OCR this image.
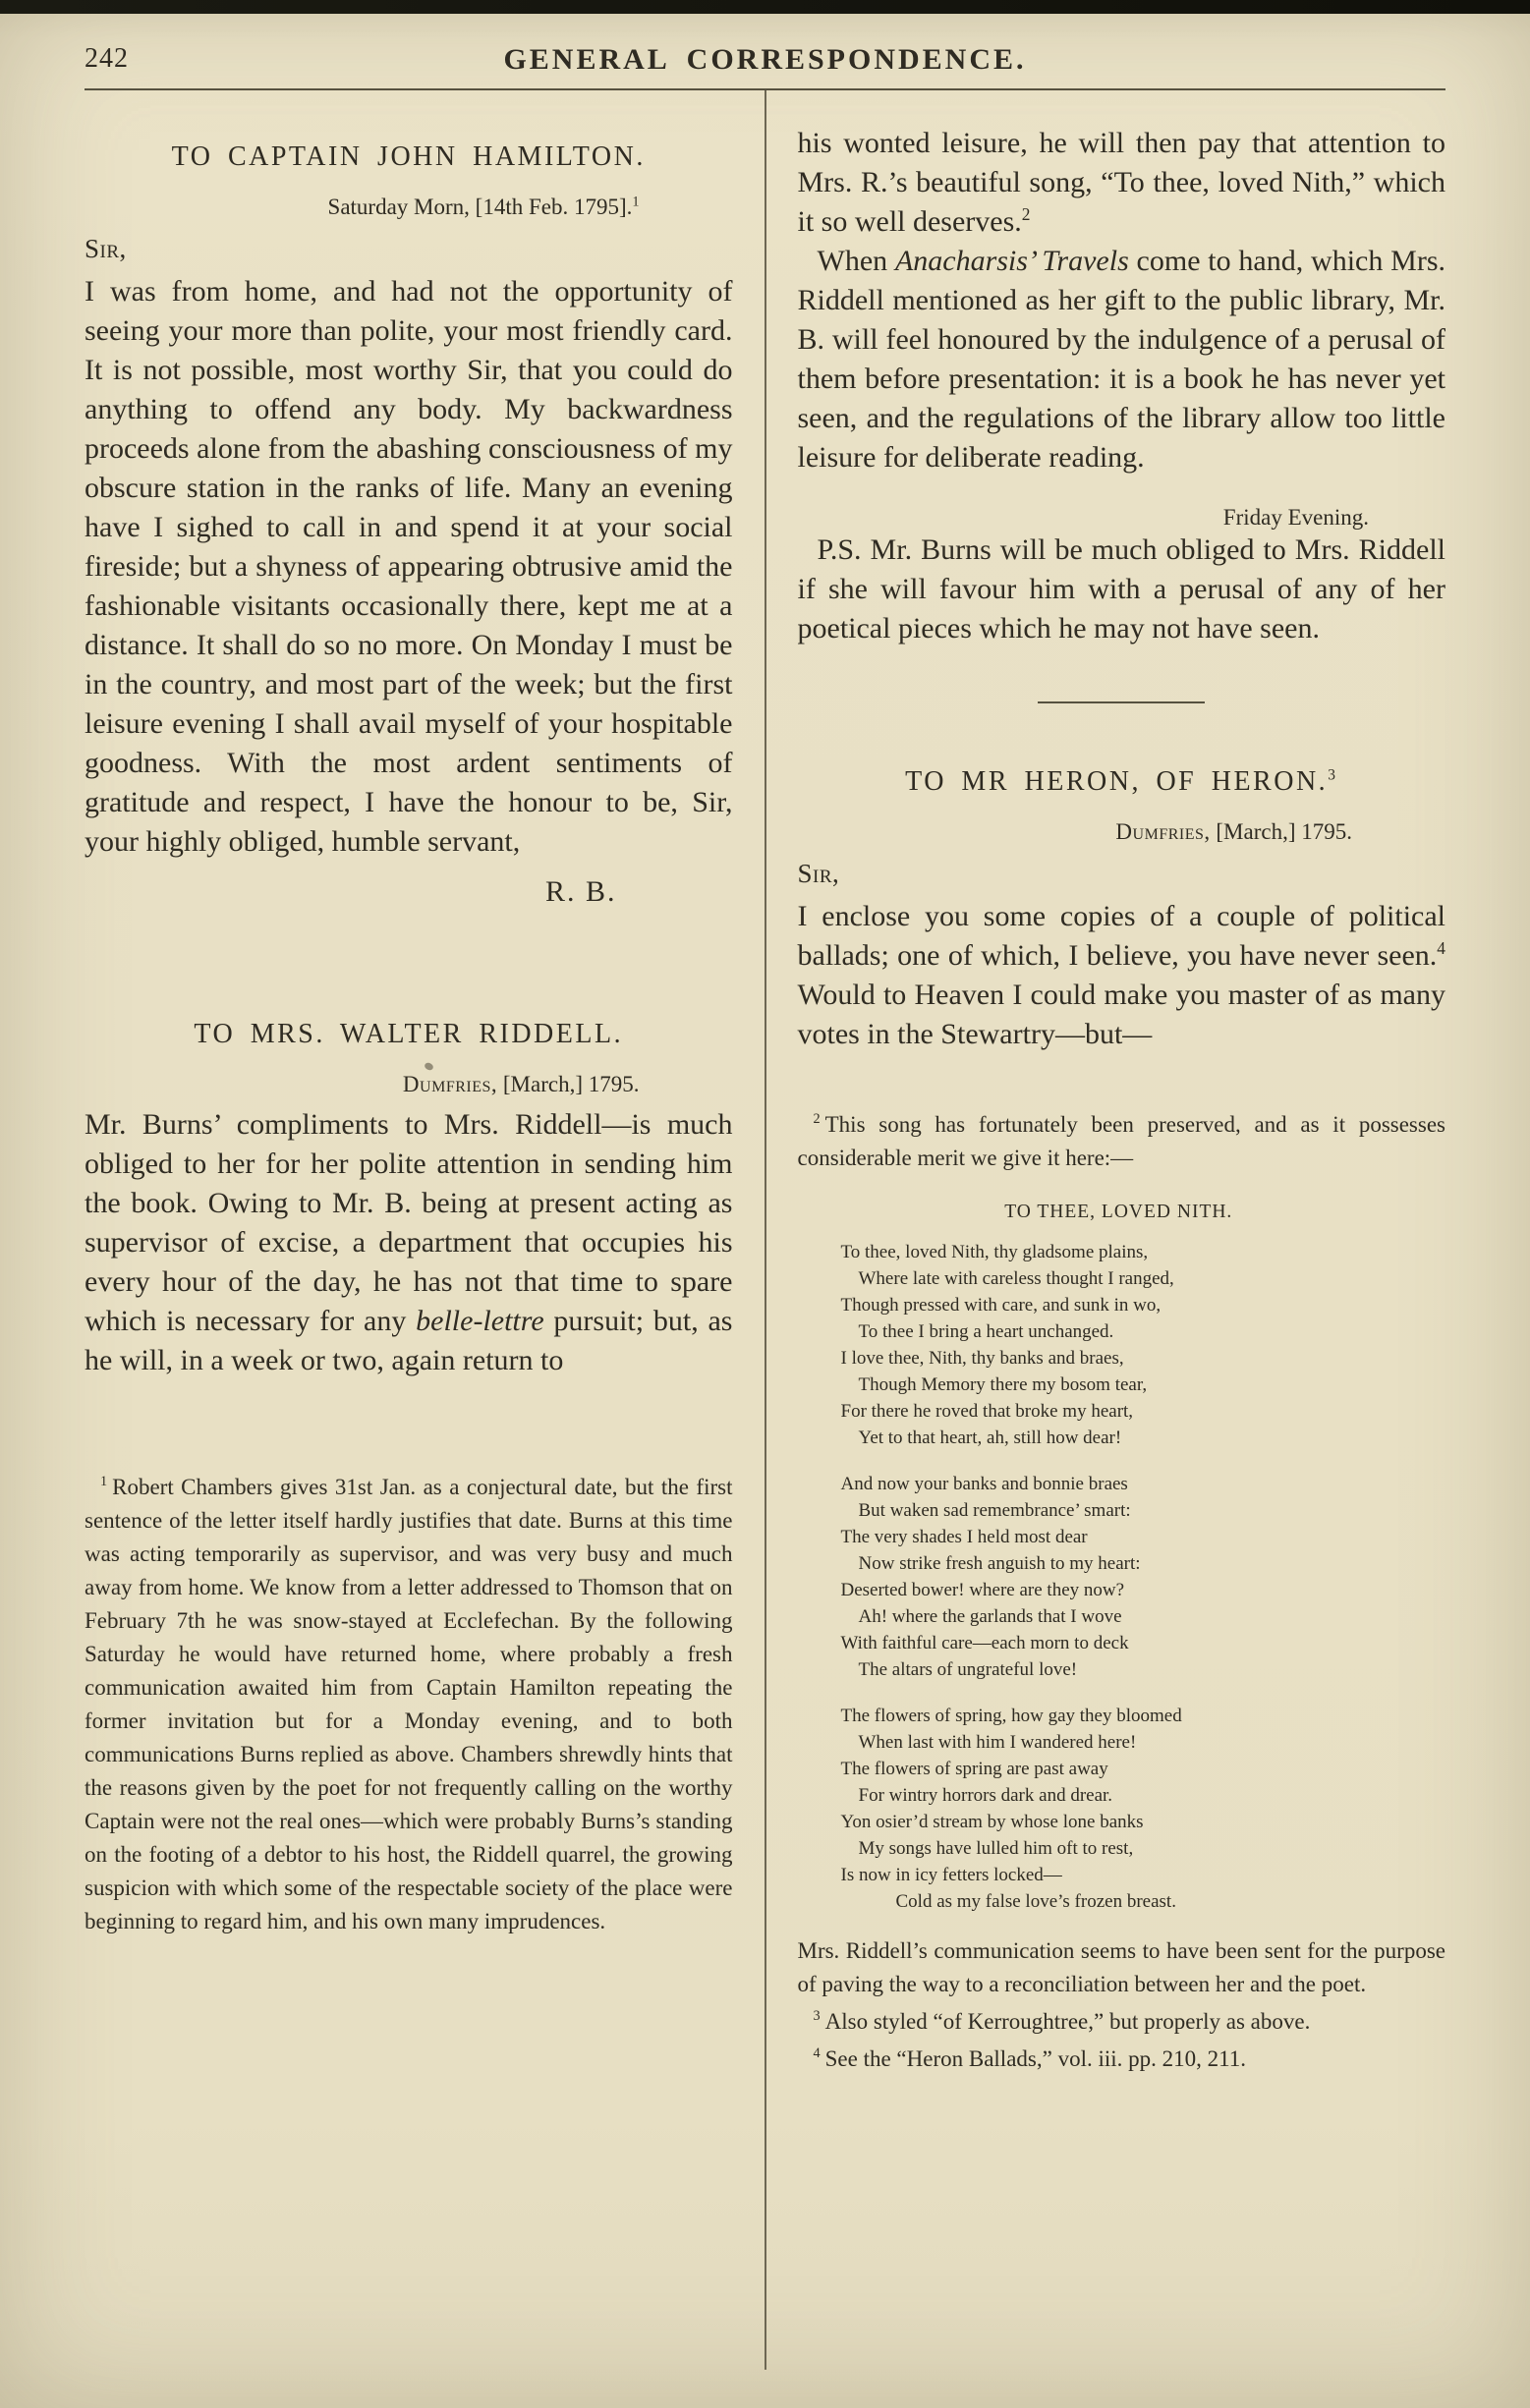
242	GENERAL CORRESPONDENCE.
TO CAPTAIN JOHN HAMILTON.

Saturday Morn, [14th Feb. 1795].$^1$

Sir,

I was from home, and had not the opportunity of seeing your more than polite, your most friendly card. It is not possible, most worthy Sir, that you could do anything to offend any body. My backwardness proceeds alone from the abashing consciousness of my obscure station in the ranks of life. Many an evening have I sighed to call in and spend it at your social fireside; but a shyness of appearing obtrusive amid the fashionable visitants occasionally there, kept me at a distance. It shall do so no more. On Monday I must be in the country, and most part of the week; but the first leisure evening I shall avail myself of your hospitable goodness. With the most ardent sentiments of gratitude and respect, I have the honour to be, Sir, your highly obliged, humble servant,

R. B.

TO MRS. WALTER RIDDELL.

Dumfries, [March,] 1795.

Mr. Burns’ compliments to Mrs. Riddell—is much obliged to her for her polite attention in sending him the book. Owing to Mr. B. being at present acting as supervisor of excise, a department that occupies his every hour of the day, he has not that time to spare which is necessary for any belle-lettre pursuit; but, as he will, in a week or two, again return to

$^1$ Robert Chambers gives 31st Jan. as a conjectural date, but the first sentence of the letter itself hardly justifies that date. Burns at this time was acting temporarily as supervisor, and was very busy and much away from home. We know from a letter addressed to Thomson that on February 7th he was snow-stayed at Ecclefechan. By the following Saturday he would have returned home, where probably a fresh communication awaited him from Captain Hamilton repeating the former invitation but for a Monday evening, and to both communications Burns replied as above. Chambers shrewdly hints that the reasons given by the poet for not frequently calling on the worthy Captain were not the real ones—which were probably Burns’s standing on the footing of a debtor to his host, the Riddell quarrel, the growing suspicion with which some of the respectable society of the place were beginning to regard him, and his own many imprudences.

his wonted leisure, he will then pay that attention to Mrs. R.’s beautiful song, “To thee, loved Nith,” which it so well deserves.$^2$

When Anacharsis’ Travels come to hand, which Mrs. Riddell mentioned as her gift to the public library, Mr. B. will feel honoured by the indulgence of a perusal of them before presentation: it is a book he has never yet seen, and the regulations of the library allow too little leisure for deliberate reading.

Friday Evening.

P.S. Mr. Burns will be much obliged to Mrs. Riddell if she will favour him with a perusal of any of her poetical pieces which he may not have seen.

TO MR HERON, OF HERON.$^3$

Dumfries, [March,] 1795.

Sir,

I enclose you some copies of a couple of political ballads; one of which, I believe, you have never seen.$^4$ Would to Heaven I could make you master of as many votes in the Stewartry—but—

$^2$ This song has fortunately been preserved, and as it possesses considerable merit we give it here:—

TO THEE, LOVED NITH.
To thee, loved Nith, thy gladsome plains,
Where late with careless thought I ranged,
Though pressed with care, and sunk in wo,
To thee I bring a heart unchanged.
I love thee, Nith, thy banks and braes,
Though Memory there my bosom tear,
For there he roved that broke my heart,
Yet to that heart, ah, still how dear!
And now your banks and bonnie braes
But waken sad remembrance’ smart:
The very shades I held most dear
Now strike fresh anguish to my heart:
Deserted bower! where are they now?
Ah! where the garlands that I wove
With faithful care—each morn to deck
The altars of ungrateful love!
The flowers of spring, how gay they bloomed
When last with him I wandered here!
The flowers of spring are past away
For wintry horrors dark and drear.
Yon osier’d stream by whose lone banks
My songs have lulled him oft to rest,
Is now in icy fetters locked—
Cold as my false love’s frozen breast.

Mrs. Riddell’s communication seems to have been sent for the purpose of paving the way to a reconciliation between her and the poet.

$^3$ Also styled “of Kerroughtree,” but properly as above.

$^4$ See the “Heron Ballads,” vol. iii. pp. 210, 211.
